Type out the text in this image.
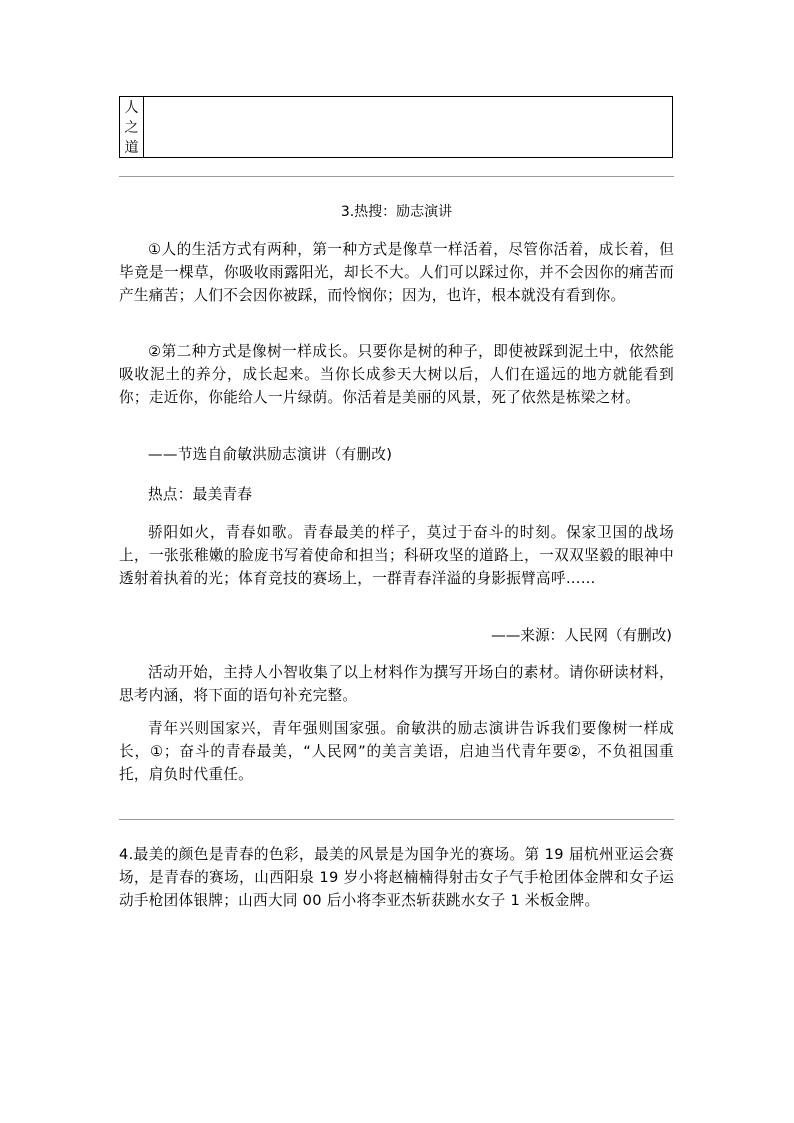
人
之
道
3.热搜：励志演讲
①人的生活方式有两种，第一种方式是像草一样活着，尽管你活着，成长着，但毕竟是一棵草，你吸收雨露阳光，却长不大。人们可以踩过你，并不会因你的痛苦而产生痛苦；人们不会因你被踩，而怜悯你；因为，也许，根本就没有看到你。
②第二种方式是像树一样成长。只要你是树的种子，即使被踩到泥土中，依然能吸收泥土的养分，成长起来。当你长成参天大树以后，人们在遥远的地方就能看到你；走近你，你能给人一片绿荫。你活着是美丽的风景，死了依然是栋梁之材。
——节选自俞敏洪励志演讲（有删改)
热点：最美青春
骄阳如火，青春如歌。青春最美的样子，莫过于奋斗的时刻。保家卫国的战场上，一张张稚嫩的脸庞书写着使命和担当；科研攻坚的道路上，一双双坚毅的眼神中透射着执着的光；体育竞技的赛场上，一群青春洋溢的身影振臂高呼……
——来源：人民网（有删改)
活动开始，主持人小智收集了以上材料作为撰写开场白的素材。请你研读材料，思考内涵，将下面的语句补充完整。
青年兴则国家兴，青年强则国家强。俞敏洪的励志演讲告诉我们要像树一样成长，①；奋斗的青春最美，“人民网”的美言美语，启迪当代青年要②，不负祖国重托，肩负时代重任。
4.最美的颜色是青春的色彩，最美的风景是为国争光的赛场。第 19 届杭州亚运会赛场，是青春的赛场，山西阳泉 19 岁小将赵楠楠得射击女子气手枪团体金牌和女子运动手枪团体银牌；山西大同 00 后小将李亚杰斩获跳水女子 1 米板金牌。
